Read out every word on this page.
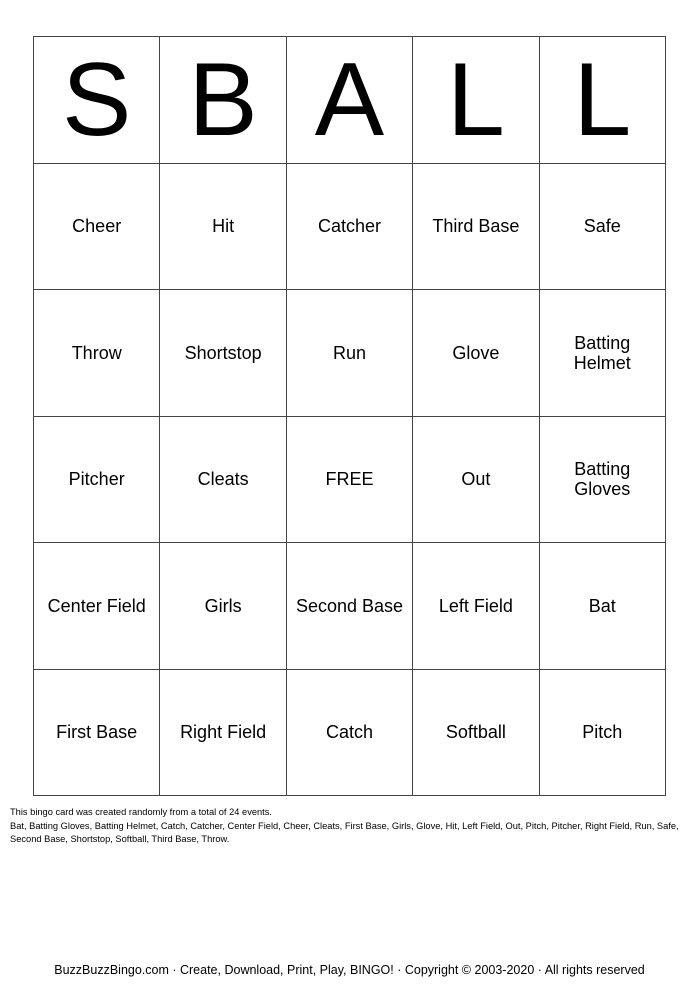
S B A L L
Cheer	Hit	Catcher	Third Base	Safe
Throw	Shortstop	Run	Glove	Batting Helmet
Pitcher	Cleats	FREE	Out	Batting Gloves
Center Field	Girls	Second Base	Left Field	Bat
First Base	Right Field	Catch	Softball	Pitch
This bingo card was created randomly from a total of 24 events.
Bat, Batting Gloves, Batting Helmet, Catch, Catcher, Center Field, Cheer, Cleats, First Base, Girls, Glove, Hit, Left Field, Out, Pitch, Pitcher, Right Field, Run, Safe, Second Base, Shortstop, Softball, Third Base, Throw.
BuzzBuzzBingo.com · Create, Download, Print, Play, BINGO! · Copyright © 2003-2020 · All rights reserved
